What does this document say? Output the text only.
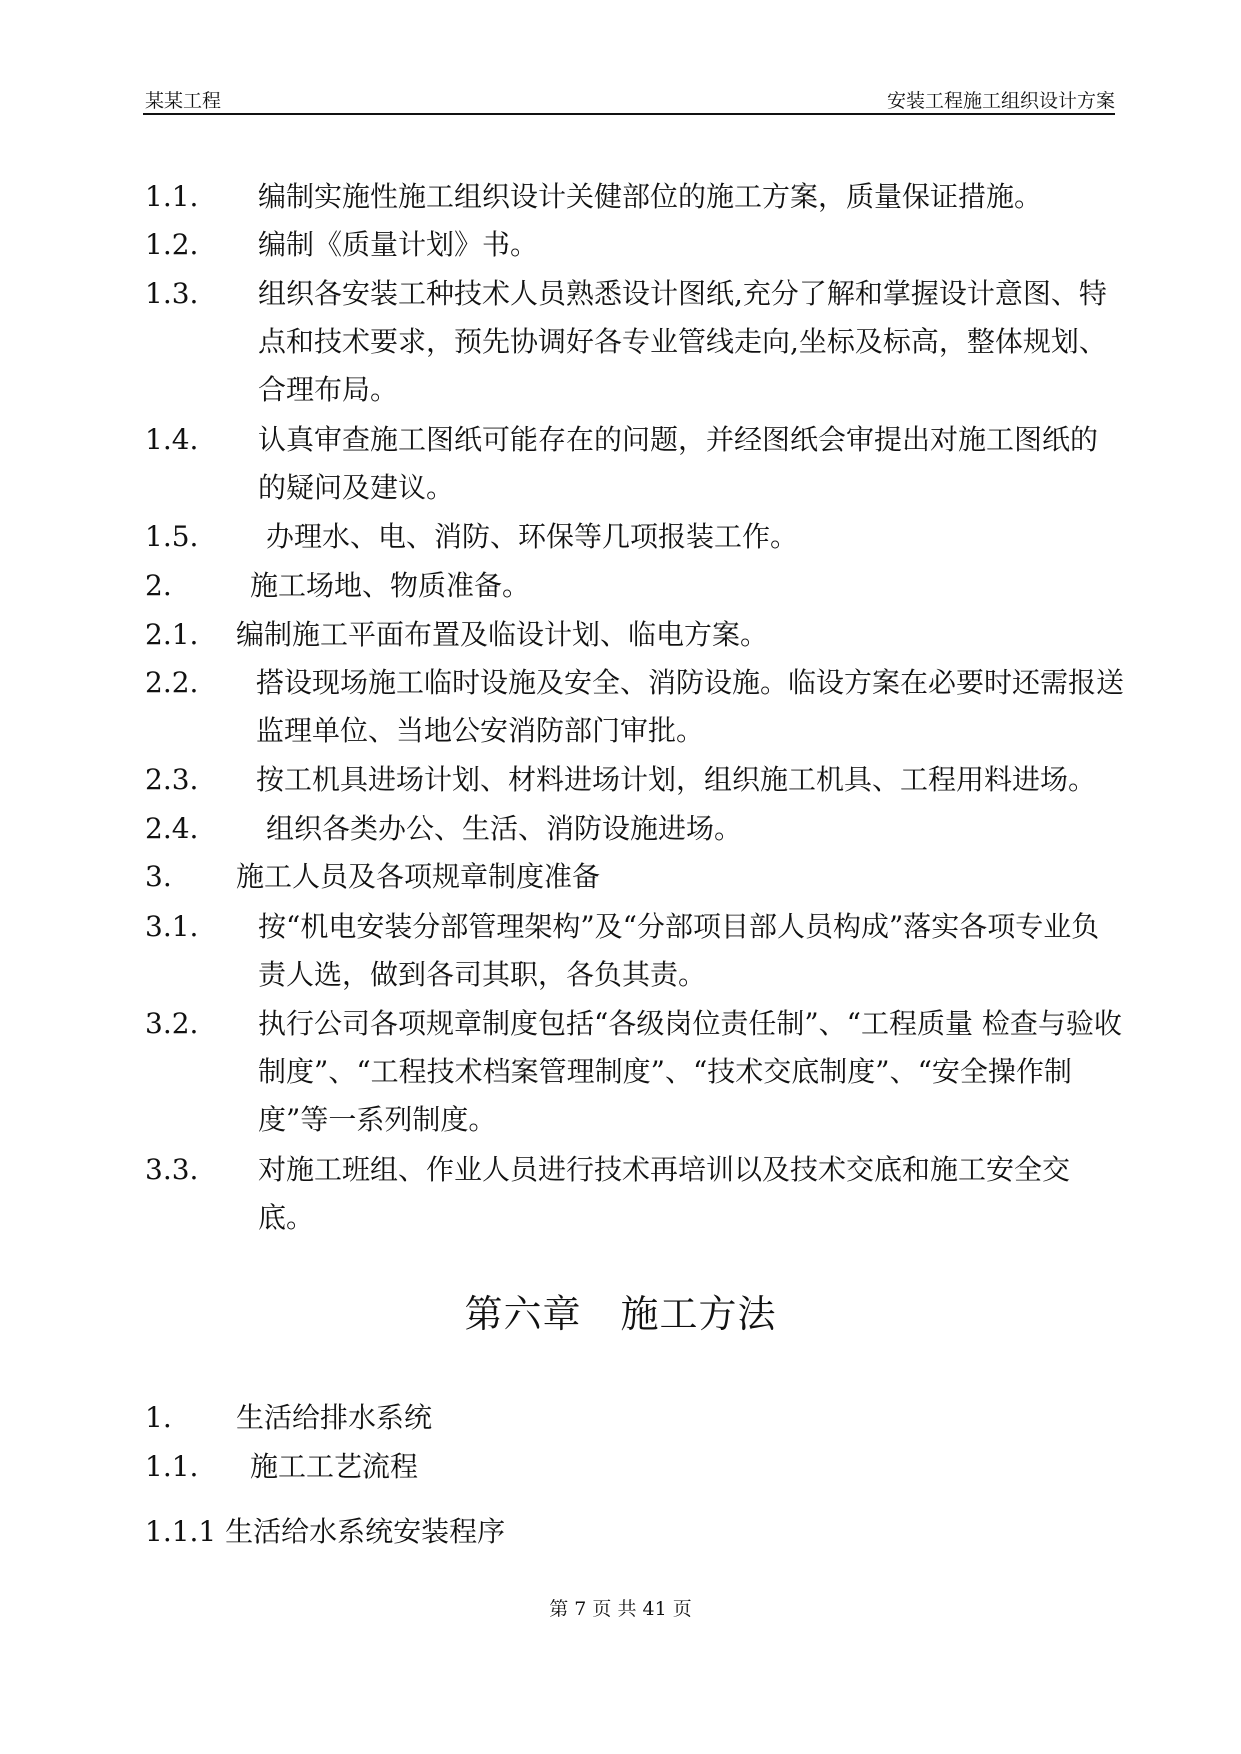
某某工程	安装工程施工组织设计方案
1.1. 编制实施性施工组织设计关健部位的施工方案，质量保证措施。
1.2. 编制《质量计划》书。
1.3. 组织各安装工种技术人员熟悉设计图纸,充分了解和掌握设计意图、特点和技术要求，预先协调好各专业管线走向,坐标及标高，整体规划、合理布局。
1.4. 认真审查施工图纸可能存在的问题，并经图纸会审提出对施工图纸的的疑问及建议。
1.5. 办理水、电、消防、环保等几项报装工作。
2.	施工场地、物质准备。
2.1. 编制施工平面布置及临设计划、临电方案。
2.2. 搭设现场施工临时设施及安全、消防设施。临设方案在必要时还需报送监理单位、当地公安消防部门审批。
2.3. 按工机具进场计划、材料进场计划，组织施工机具、工程用料进场。
2.4. 组织各类办公、生活、消防设施进场。
3. 施工人员及各项规章制度准备
3.1. 按“机电安装分部管理架构”及“分部项目部人员构成”落实各项专业负责人选，做到各司其职，各负其责。
3.2. 执行公司各项规章制度包括“各级岗位责任制”、“工程质量 检查与验收制度”、“工程技术档案管理制度”、“技术交底制度”、“安全操作制度”等一系列制度。
3.3. 对施工班组、作业人员进行技术再培训以及技术交底和施工安全交底。
第六章　施工方法
1. 生活给排水系统
1.1. 施工工艺流程
1.1.1 生活给水系统安装程序
第 7 页 共 41 页
